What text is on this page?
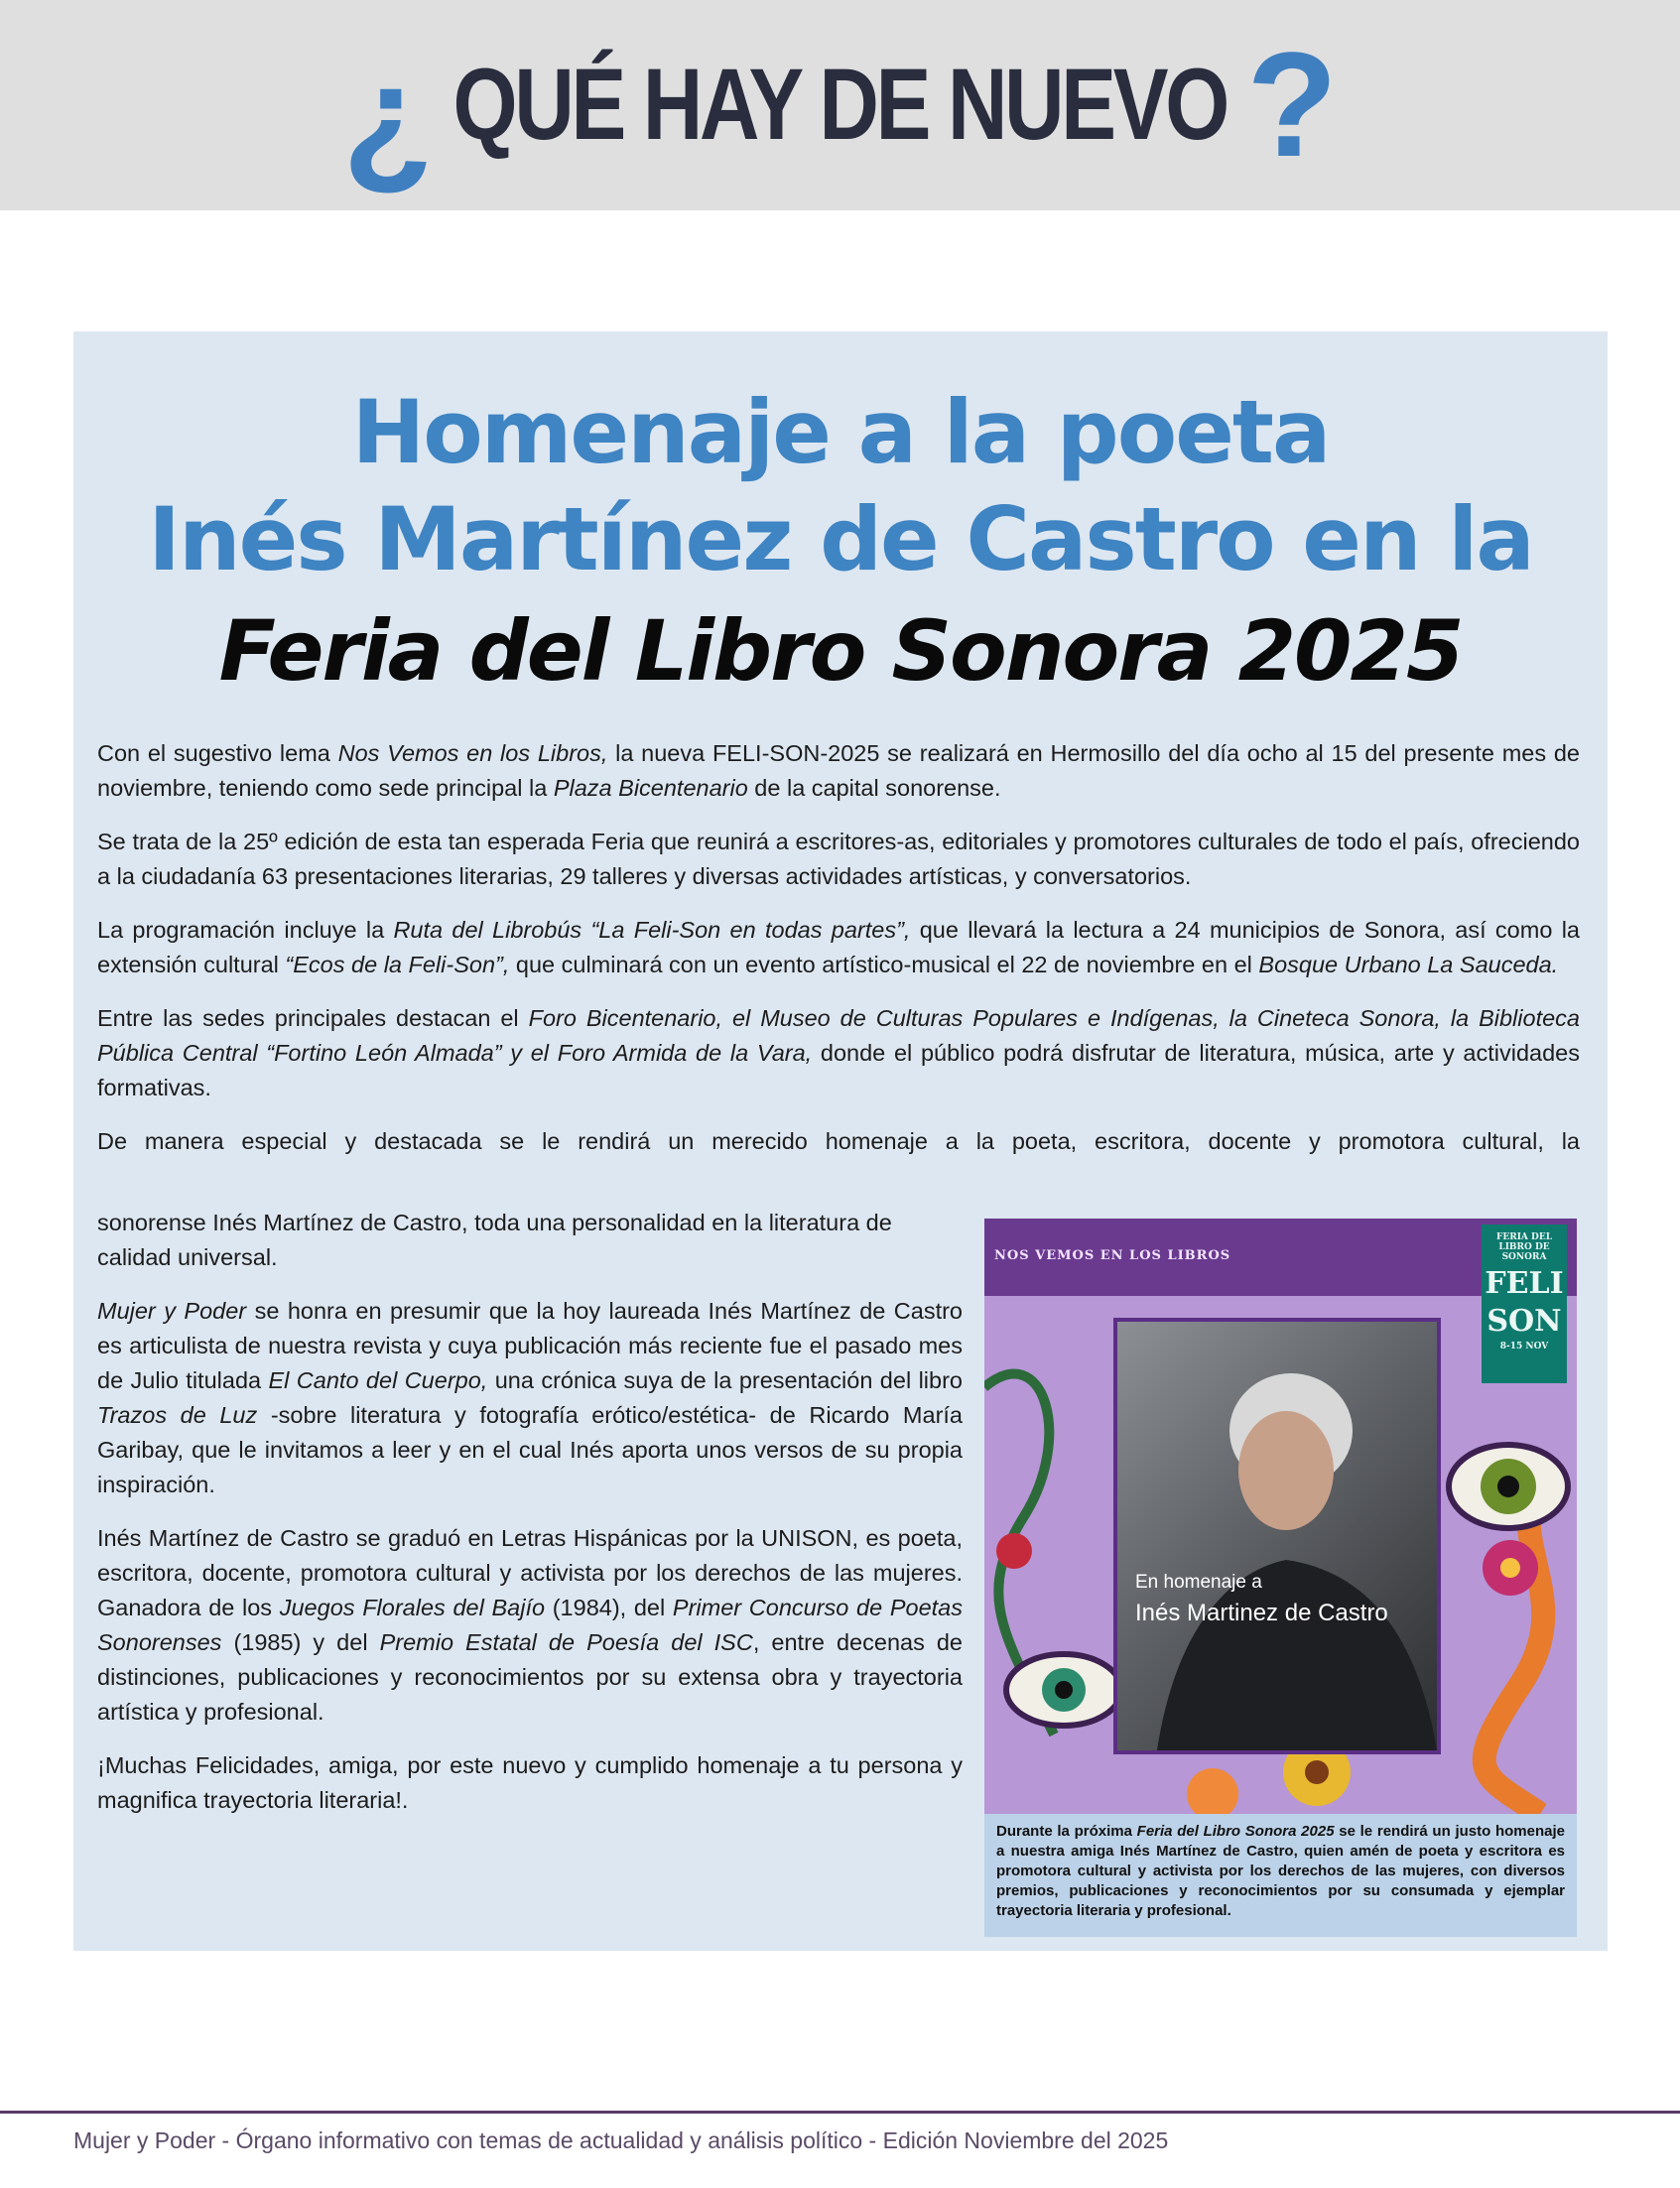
¿ QUÉ HAY DE NUEVO ?
Homenaje a la poeta
Inés Martínez de Castro en la
Feria del Libro Sonora 2025

Con el sugestivo lema Nos Vemos en los Libros, la nueva FELI-SON-2025 se realizará en Hermosillo del día ocho al 15 del presente mes de noviembre, teniendo como sede principal la Plaza Bicentenario de la capital sonorense.

Se trata de la 25º edición de esta tan esperada Feria que reunirá a escritores-as, editoriales y promotores culturales de todo el país, ofreciendo a la ciudadanía 63 presentaciones literarias, 29 talleres y diversas actividades artísticas, y conversatorios.

La programación incluye la Ruta del Librobús “La Feli-Son en todas partes”, que llevará la lectura a 24 municipios de Sonora, así como la extensión cultural “Ecos de la Feli-Son”, que culminará con un evento artístico-musical el 22 de noviembre en el Bosque Urbano La Sauceda.

Entre las sedes principales destacan el Foro Bicentenario, el Museo de Culturas Populares e Indígenas, la Cineteca Sonora, la Biblioteca Pública Central “Fortino León Almada” y el Foro Armida de la Vara, donde el público podrá disfrutar de literatura, música, arte y actividades formativas.

De manera especial y destacada se le rendirá un merecido homenaje a la poeta, escritora, docente y promotora cultural, la

sonorense Inés Martínez de Castro, toda una personalidad en la literatura de calidad universal.

Mujer y Poder se honra en presumir que la hoy laureada Inés Martínez de Castro es articulista de nuestra revista y cuya publicación más reciente fue el pasado mes de Julio titulada El Canto del Cuerpo, una crónica suya de la presentación del libro Trazos de Luz -sobre literatura y fotografía erótico/estética- de Ricardo María Garibay, que le invitamos a leer y en el cual Inés aporta unos versos de su propia inspiración.

Inés Martínez de Castro se graduó en Letras Hispánicas por la UNISON, es poeta, escritora, docente, promotora cultural y activista por los derechos de las mujeres. Ganadora de los Juegos Florales del Bajío (1984), del Primer Concurso de Poetas Sonorenses (1985) y del Premio Estatal de Poesía del ISC, entre decenas de distinciones, publicaciones y reconocimientos por su extensa obra y trayectoria artística y profesional.

¡Muchas Felicidades, amiga, por este nuevo y cumplido homenaje a tu persona y magnifica trayectoria literaria!.

NOS VEMOS EN LOS LIBROS
FERIA DEL LIBRO DE SONORA
FELI
SON
8-15 NOV
En homenaje a
Inés Martinez de Castro
Durante la próxima Feria del Libro Sonora 2025 se le rendirá un justo homenaje a nuestra amiga Inés Martínez de Castro, quien amén de poeta y escritora es promotora cultural y activista por los derechos de las mujeres, con diversos premios, publicaciones y reconocimientos por su consumada y ejemplar trayectoria literaria y profesional.
Mujer y Poder - Órgano informativo con temas de actualidad y análisis político - Edición Noviembre del 2025
